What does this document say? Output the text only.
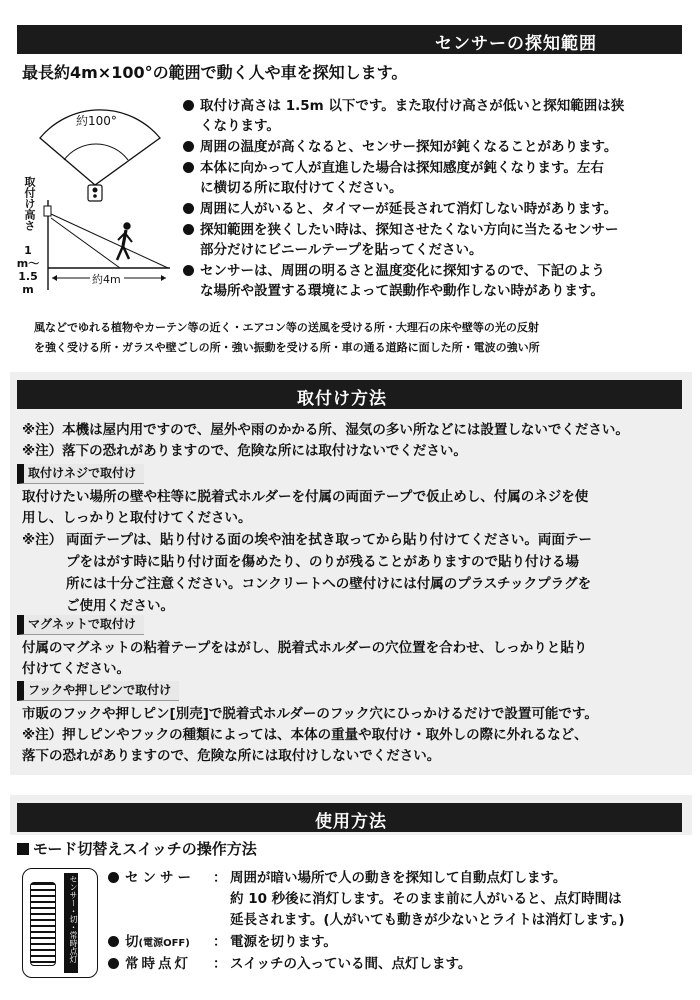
センサーの探知範囲
最長約4m×100°の範囲で動く人や車を探知します。
約100°
約4m
取付け高さ
1m〜1.5m
取付け高さは 1.5m 以下です。また取付け高さが低いと探知範囲は狭
くなります。
周囲の温度が高くなると、センサー探知が鈍くなることがあります。
本体に向かって人が直進した場合は探知感度が鈍くなります。左右
に横切る所に取付けてください。
周囲に人がいると、タイマーが延長されて消灯しない時があります。
探知範囲を狭くしたい時は、探知させたくない方向に当たるセンサー
部分だけにビニールテープを貼ってください。
センサーは、周囲の明るさと温度変化に探知するので、下記のよう
な場所や設置する環境によって誤動作や動作しない時があります。
風などでゆれる植物やカーテン等の近く・エアコン等の送風を受ける所・大理石の床や壁等の光の反射
を強く受ける所・ガラスや壁ごしの所・強い振動を受ける所・車の通る道路に面した所・電波の強い所
取付け方法
※注）本機は屋内用ですので、屋外や雨のかかる所、湿気の多い所などには設置しないでください。
※注）落下の恐れがありますので、危険な所には取付けないでください。
取付けネジで取付け
取付けたい場所の壁や柱等に脱着式ホルダーを付属の両面テープで仮止めし、付属のネジを使
用し、しっかりと取付けてください。
※注） 両面テープは、貼り付ける面の埃や油を拭き取ってから貼り付けてください。両面テー
プをはがす時に貼り付け面を傷めたり、のりが残ることがありますので貼り付ける場
所には十分ご注意ください。コンクリートへの壁付けには付属のプラスチックプラグを
ご使用ください。
マグネットで取付け
付属のマグネットの粘着テープをはがし、脱着式ホルダーの穴位置を合わせ、しっかりと貼り
付けてください。
フックや押しピンで取付け
市販のフックや押しピン[別売]で脱着式ホルダーのフック穴にひっかけるだけで設置可能です。
※注）押しピンやフックの種類によっては、本体の重量や取付け・取外しの際に外れるなど、
落下の恐れがありますので、危険な所には取付けしないでください。
使用方法
モード切替えスイッチの操作方法
センサー・切・常時点灯
センサー ： 周囲が暗い場所で人の動きを探知して自動点灯します。
約 10 秒後に消灯します。そのまま前に人がいると、点灯時間は
延長されます。(人がいても動きが少ないとライトは消灯します。)
切(電源OFF) ： 電源を切ります。
常時点灯 ： スイッチの入っている間、点灯します。
